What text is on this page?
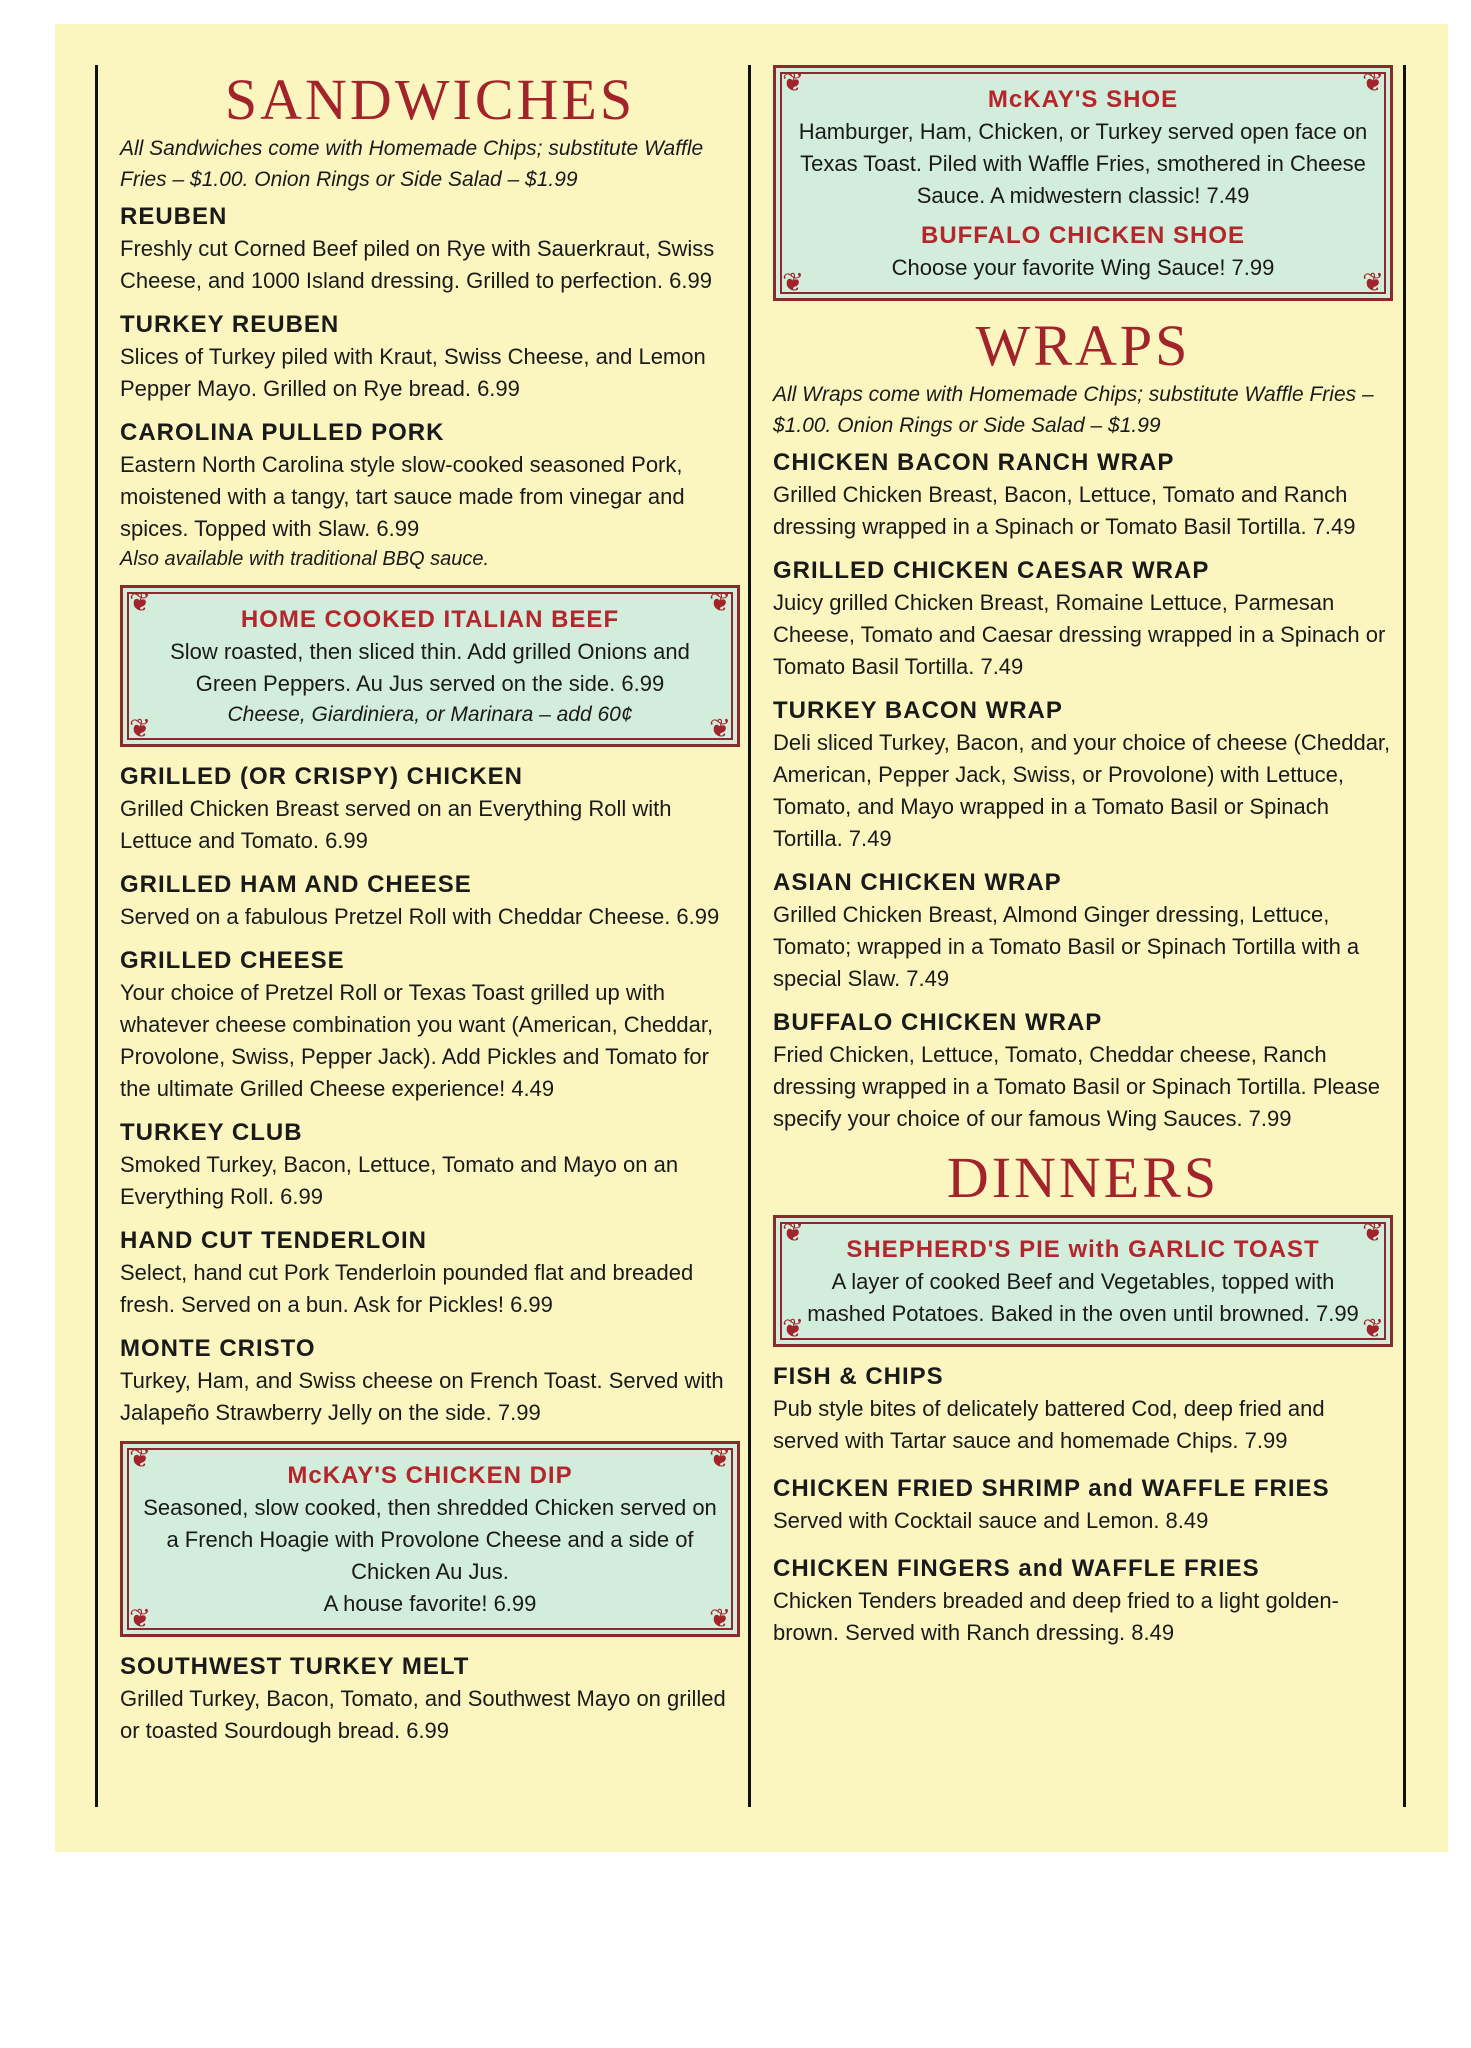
SANDWICHES
All Sandwiches come with Homemade Chips; substitute Waffle Fries – $1.00. Onion Rings or Side Salad – $1.99
REUBEN
Freshly cut Corned Beef piled on Rye with Sauerkraut, Swiss Cheese, and 1000 Island dressing. Grilled to perfection. 6.99
TURKEY REUBEN
Slices of Turkey piled with Kraut, Swiss Cheese, and Lemon Pepper Mayo. Grilled on Rye bread. 6.99
CAROLINA PULLED PORK
Eastern North Carolina style slow-cooked seasoned Pork, moistened with a tangy, tart sauce made from vinegar and spices. Topped with Slaw. 6.99
Also available with traditional BBQ sauce.
❦	❦
❦	❦
HOME COOKED ITALIAN BEEF
Slow roasted, then sliced thin. Add grilled Onions and Green Peppers. Au Jus served on the side. 6.99
Cheese, Giardiniera, or Marinara – add 60¢
GRILLED (OR CRISPY) CHICKEN
Grilled Chicken Breast served on an Everything Roll with Lettuce and Tomato. 6.99
GRILLED HAM AND CHEESE
Served on a fabulous Pretzel Roll with Cheddar Cheese. 6.99
GRILLED CHEESE
Your choice of Pretzel Roll or Texas Toast grilled up with whatever cheese combination you want (American, Cheddar, Provolone, Swiss, Pepper Jack). Add Pickles and Tomato for the ultimate Grilled Cheese experience! 4.49
TURKEY CLUB
Smoked Turkey, Bacon, Lettuce, Tomato and Mayo on an Everything Roll. 6.99
HAND CUT TENDERLOIN
Select, hand cut Pork Tenderloin pounded flat and breaded fresh. Served on a bun. Ask for Pickles! 6.99
MONTE CRISTO
Turkey, Ham, and Swiss cheese on French Toast. Served with Jalapeño Strawberry Jelly on the side. 7.99
❦	❦
❦	❦
McKAY'S CHICKEN DIP
Seasoned, slow cooked, then shredded Chicken served on a French Hoagie with Provolone Cheese and a side of Chicken Au Jus.
A house favorite! 6.99
SOUTHWEST TURKEY MELT
Grilled Turkey, Bacon, Tomato, and Southwest Mayo on grilled or toasted Sourdough bread. 6.99
❦	❦
❦	❦
McKAY'S SHOE
Hamburger, Ham, Chicken, or Turkey served open face on Texas Toast. Piled with Waffle Fries, smothered in Cheese Sauce. A midwestern classic! 7.49
BUFFALO CHICKEN SHOE
Choose your favorite Wing Sauce! 7.99
WRAPS
All Wraps come with Homemade Chips; substitute Waffle Fries – $1.00. Onion Rings or Side Salad – $1.99
CHICKEN BACON RANCH WRAP
Grilled Chicken Breast, Bacon, Lettuce, Tomato and Ranch dressing wrapped in a Spinach or Tomato Basil Tortilla. 7.49
GRILLED CHICKEN CAESAR WRAP
Juicy grilled Chicken Breast, Romaine Lettuce, Parmesan Cheese, Tomato and Caesar dressing wrapped in a Spinach or Tomato Basil Tortilla. 7.49
TURKEY BACON WRAP
Deli sliced Turkey, Bacon, and your choice of cheese (Cheddar, American, Pepper Jack, Swiss, or Provolone) with Lettuce, Tomato, and Mayo wrapped in a Tomato Basil or Spinach Tortilla. 7.49
ASIAN CHICKEN WRAP
Grilled Chicken Breast, Almond Ginger dressing, Lettuce, Tomato; wrapped in a Tomato Basil or Spinach Tortilla with a special Slaw. 7.49
BUFFALO CHICKEN WRAP
Fried Chicken, Lettuce, Tomato, Cheddar cheese, Ranch dressing wrapped in a Tomato Basil or Spinach Tortilla. Please specify your choice of our famous Wing Sauces. 7.99
DINNERS
❦	❦
❦	❦
SHEPHERD'S PIE with GARLIC TOAST
A layer of cooked Beef and Vegetables, topped with mashed Potatoes. Baked in the oven until browned. 7.99
FISH & CHIPS
Pub style bites of delicately battered Cod, deep fried and served with Tartar sauce and homemade Chips. 7.99
CHICKEN FRIED SHRIMP and WAFFLE FRIES
Served with Cocktail sauce and Lemon. 8.49
CHICKEN FINGERS and WAFFLE FRIES
Chicken Tenders breaded and deep fried to a light golden-brown. Served with Ranch dressing. 8.49
